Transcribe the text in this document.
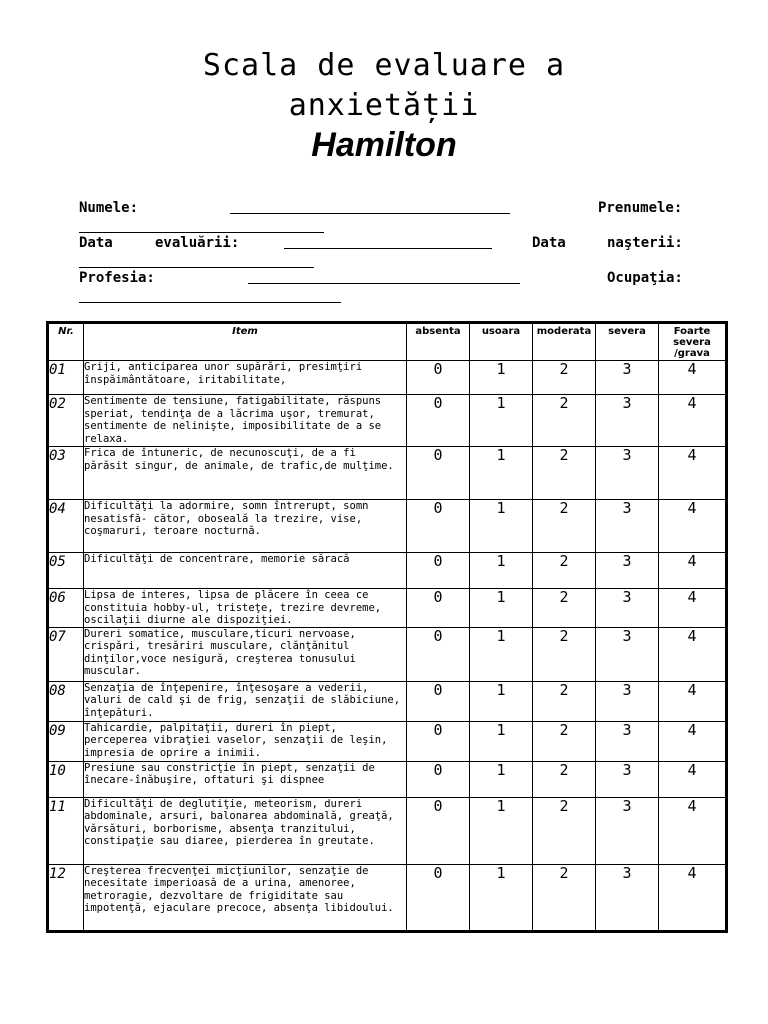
Scala de evaluare a
anxietății
Hamilton
Numele:	Prenumele:
Data	evaluării:	Data	naşterii:
Profesia:	Ocupaţia:
Nr.	Item	absenta	usoara	moderata	severa	Foarte severa /grava
01	Griji, anticiparea unor supărări, presimţiri înspăimântătoare, iritabilitate,	0	1	2	3	4
02	Sentimente de tensiune, fatigabilitate, răspuns speriat, tendinţa de a lăcrima uşor, tremurat, sentimente de nelinişte, imposibilitate de a se relaxa.	0	1	2	3	4
03	Frica de întuneric, de necunoscuţi, de a fi părăsit singur, de animale, de trafic,de mulţime.	0	1	2	3	4
04	Dificultăţi la adormire, somn întrerupt, somn nesatisfă- cător, oboseală la trezire, vise, coşmaruri, teroare nocturnă.	0	1	2	3	4
05	Dificultăţi de concentrare, memorie săracă	0	1	2	3	4
06	Lipsa de interes, lipsa de plăcere în ceea ce constituia hobby-ul, tristeţe, trezire devreme, oscilaţii diurne ale dispoziţiei.	0	1	2	3	4
07	Dureri somatice, musculare,ticuri nervoase, crispări, tresăriri musculare, clănţănitul dinţilor,voce nesigură, creşterea tonusului muscular.	0	1	2	3	4
08	Senzaţia de înţepenire, înţesoşare a vederii, valuri de cald şi de frig, senzaţii de slăbiciune, înţepături.	0	1	2	3	4
09	Tahicardie, palpitaţii, dureri în piept, perceperea vibraţiei vaselor, senzaţii de leşin, impresia de oprire a inimii.	0	1	2	3	4
10	Presiune sau constricţie în piept, senzaţii de înecare-înăbuşire, oftaturi şi dispnee	0	1	2	3	4
11	Dificultăţi de deglutiţie, meteorism, dureri abdominale, arsuri, balonarea abdominală, greaţă, vărsături, borborisme, absenţa tranzitului, constipaţie sau diaree, pierderea în greutate.	0	1	2	3	4
12	Creşterea frecvenţei micţiunilor, senzaţie de necesitate imperioasă de a urina, amenoree, metroragie, dezvoltare de frigiditate sau impotenţă, ejaculare precoce, absenţa libidoului.	0	1	2	3	4
